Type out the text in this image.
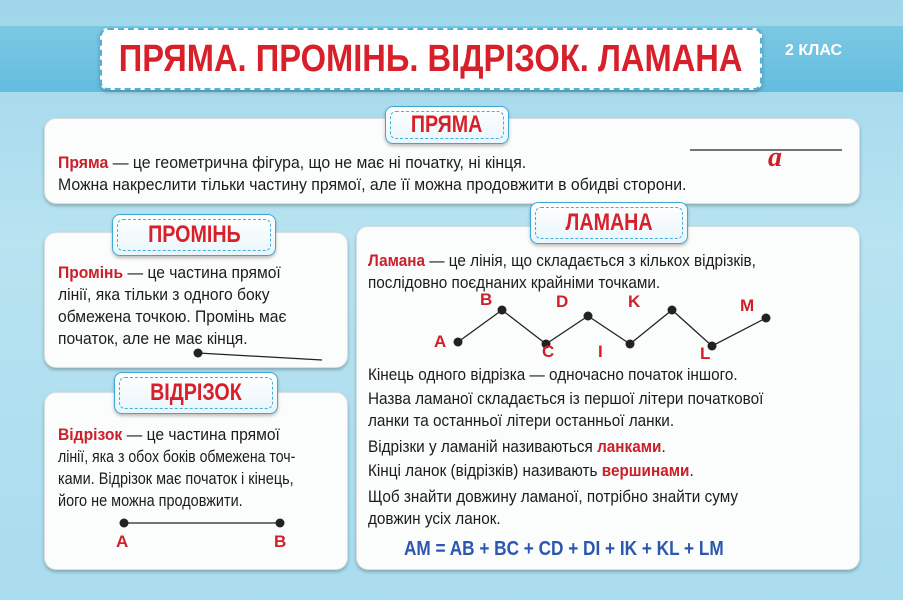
ПРЯМА. ПРОМІНЬ. ВІДРІЗОК. ЛАМАНА	2 КЛАС
ПРЯМА
Пряма — це геометрична фігура, що не має ні початку, ні кінця.
Можна накреслити тільки частину прямої, але її можна продовжити в обидві сторони.
a
ПРОМІНЬ
Промінь — це частина прямої
лінії, яка тільки з одного боку
обмежена точкою. Промінь має
початок, але не має кінця.
ВІДРІЗОК
Відрізок — це частина прямої
лінії, яка з обох боків обмежена точ-
ками. Відрізок має початок і кінець,
його не можна продовжити.
A	B
ЛАМАНА
Ламана — це лінія, що складається з кількох відрізків,
послідовно поєднаних крайніми точками.
A
B
C
D
I
K
L
M
Кінець одного відрізка — одночасно початок іншого.
Назва ламаної складається із першої літери початкової
ланки та останньої літери останньої ланки.
Відрізки у ламаній називаються ланками.
Кінці ланок (відрізків) називають вершинами.
Щоб знайти довжину ламаної, потрібно знайти суму
довжин усіх ланок.
AM = AB + BC + CD + DI + IK + KL + LM
